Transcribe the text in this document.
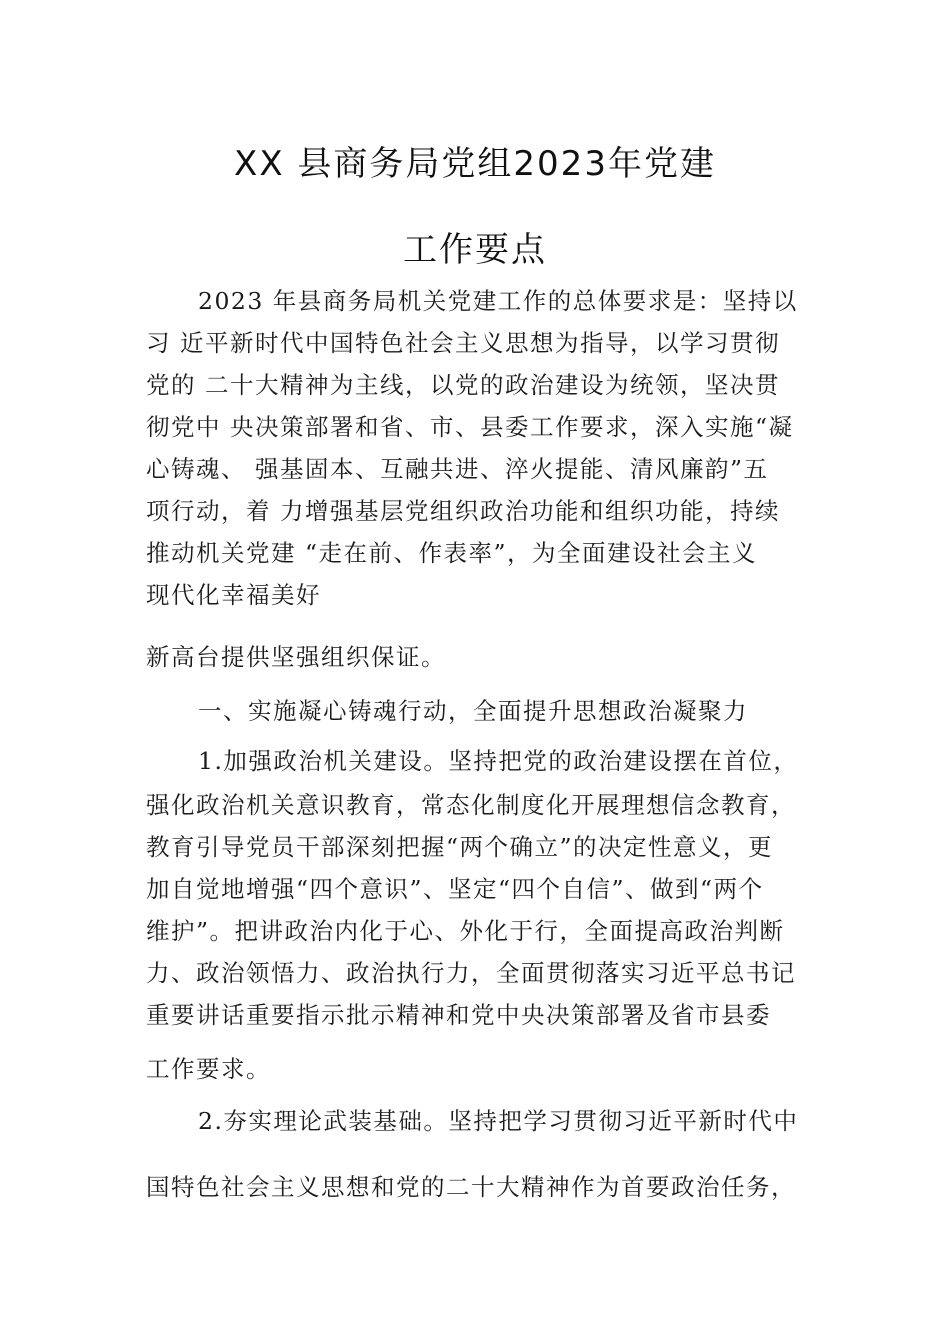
XX 县商务局党组2023年党建
工作要点
2023 年县商务局机关党建工作的总体要求是：坚持以
习 近平新时代中国特色社会主义思想为指导，以学习贯彻
党的 二十大精神为主线，以党的政治建设为统领，坚决贯
彻党中 央决策部署和省、市、县委工作要求，深入实施“凝
心铸魂、 强基固本、互融共进、淬火提能、清风廉韵”五
项行动，着 力增强基层党组织政治功能和组织功能，持续
推动机关党建 “走在前、作表率”，为全面建设社会主义
现代化幸福美好
新高台提供坚强组织保证。
一、实施凝心铸魂行动，全面提升思想政治凝聚力
1.加强政治机关建设。坚持把党的政治建设摆在首位，
强化政治机关意识教育，常态化制度化开展理想信念教育，
教育引导党员干部深刻把握“两个确立”的决定性意义，更
加自觉地增强“四个意识”、坚定“四个自信”、做到“两个
维护”。把讲政治内化于心、外化于行，全面提高政治判断
力、政治领悟力、政治执行力，全面贯彻落实习近平总书记
重要讲话重要指示批示精神和党中央决策部署及省市县委
工作要求。
2.夯实理论武装基础。坚持把学习贯彻习近平新时代中
国特色社会主义思想和党的二十大精神作为首要政治任务，
